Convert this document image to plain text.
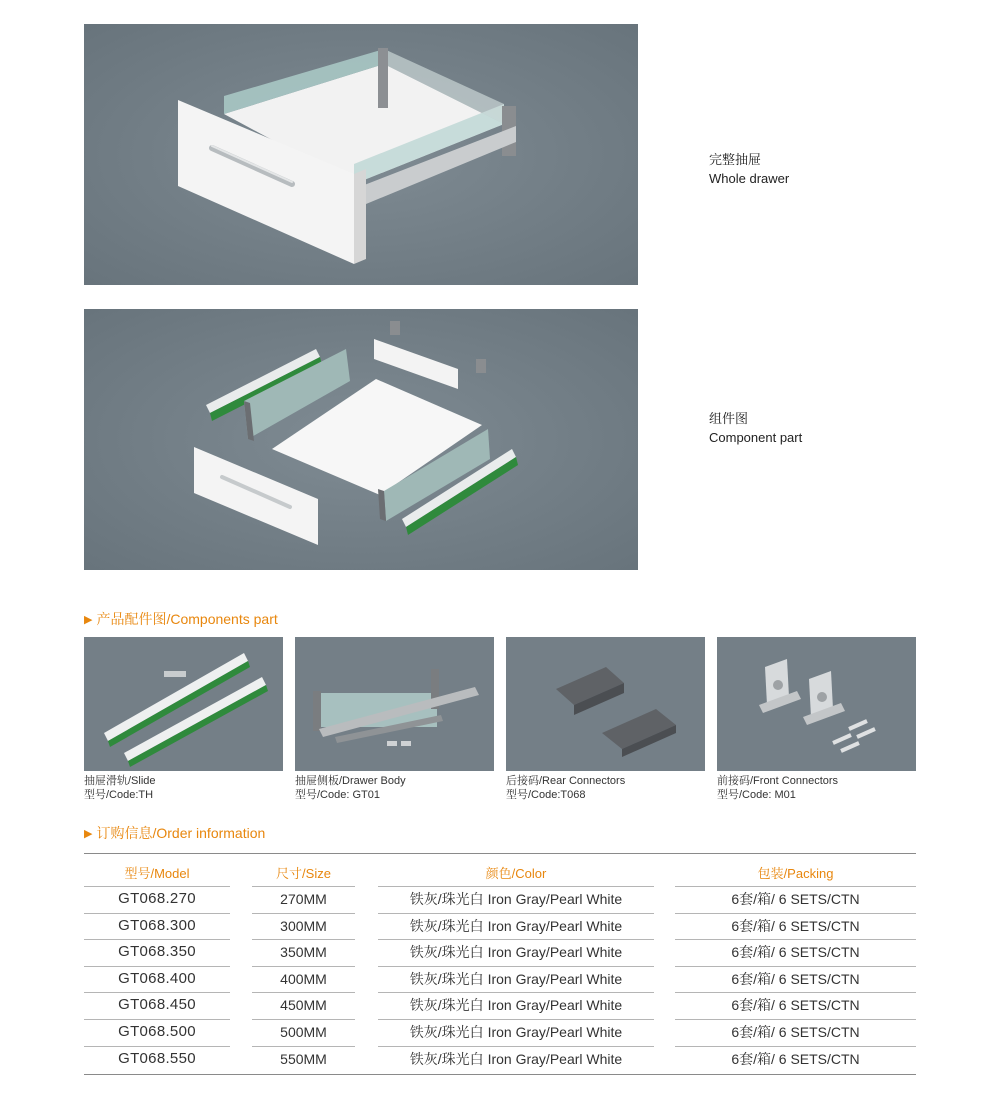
完整抽屉
Whole drawer
组件图
Component part
▶ 产品配件图/Components part
抽屉滑轨/Slide
型号/Code:TH
抽屉侧板/Drawer Body
型号/Code: GT01
后接码/Rear Connectors
型号/Code:T068
前接码/Front Connectors
型号/Code: M01
▶ 订购信息/Order information
型号/Model	尺寸/Size	颜色/Color	包装/Packing
GT068.270	270MM	铁灰/珠光白 Iron Gray/Pearl White	6套/箱/ 6 SETS/CTN
GT068.300	300MM	铁灰/珠光白 Iron Gray/Pearl White	6套/箱/ 6 SETS/CTN
GT068.350	350MM	铁灰/珠光白 Iron Gray/Pearl White	6套/箱/ 6 SETS/CTN
GT068.400	400MM	铁灰/珠光白 Iron Gray/Pearl White	6套/箱/ 6 SETS/CTN
GT068.450	450MM	铁灰/珠光白 Iron Gray/Pearl White	6套/箱/ 6 SETS/CTN
GT068.500	500MM	铁灰/珠光白 Iron Gray/Pearl White	6套/箱/ 6 SETS/CTN
GT068.550	550MM	铁灰/珠光白 Iron Gray/Pearl White	6套/箱/ 6 SETS/CTN
